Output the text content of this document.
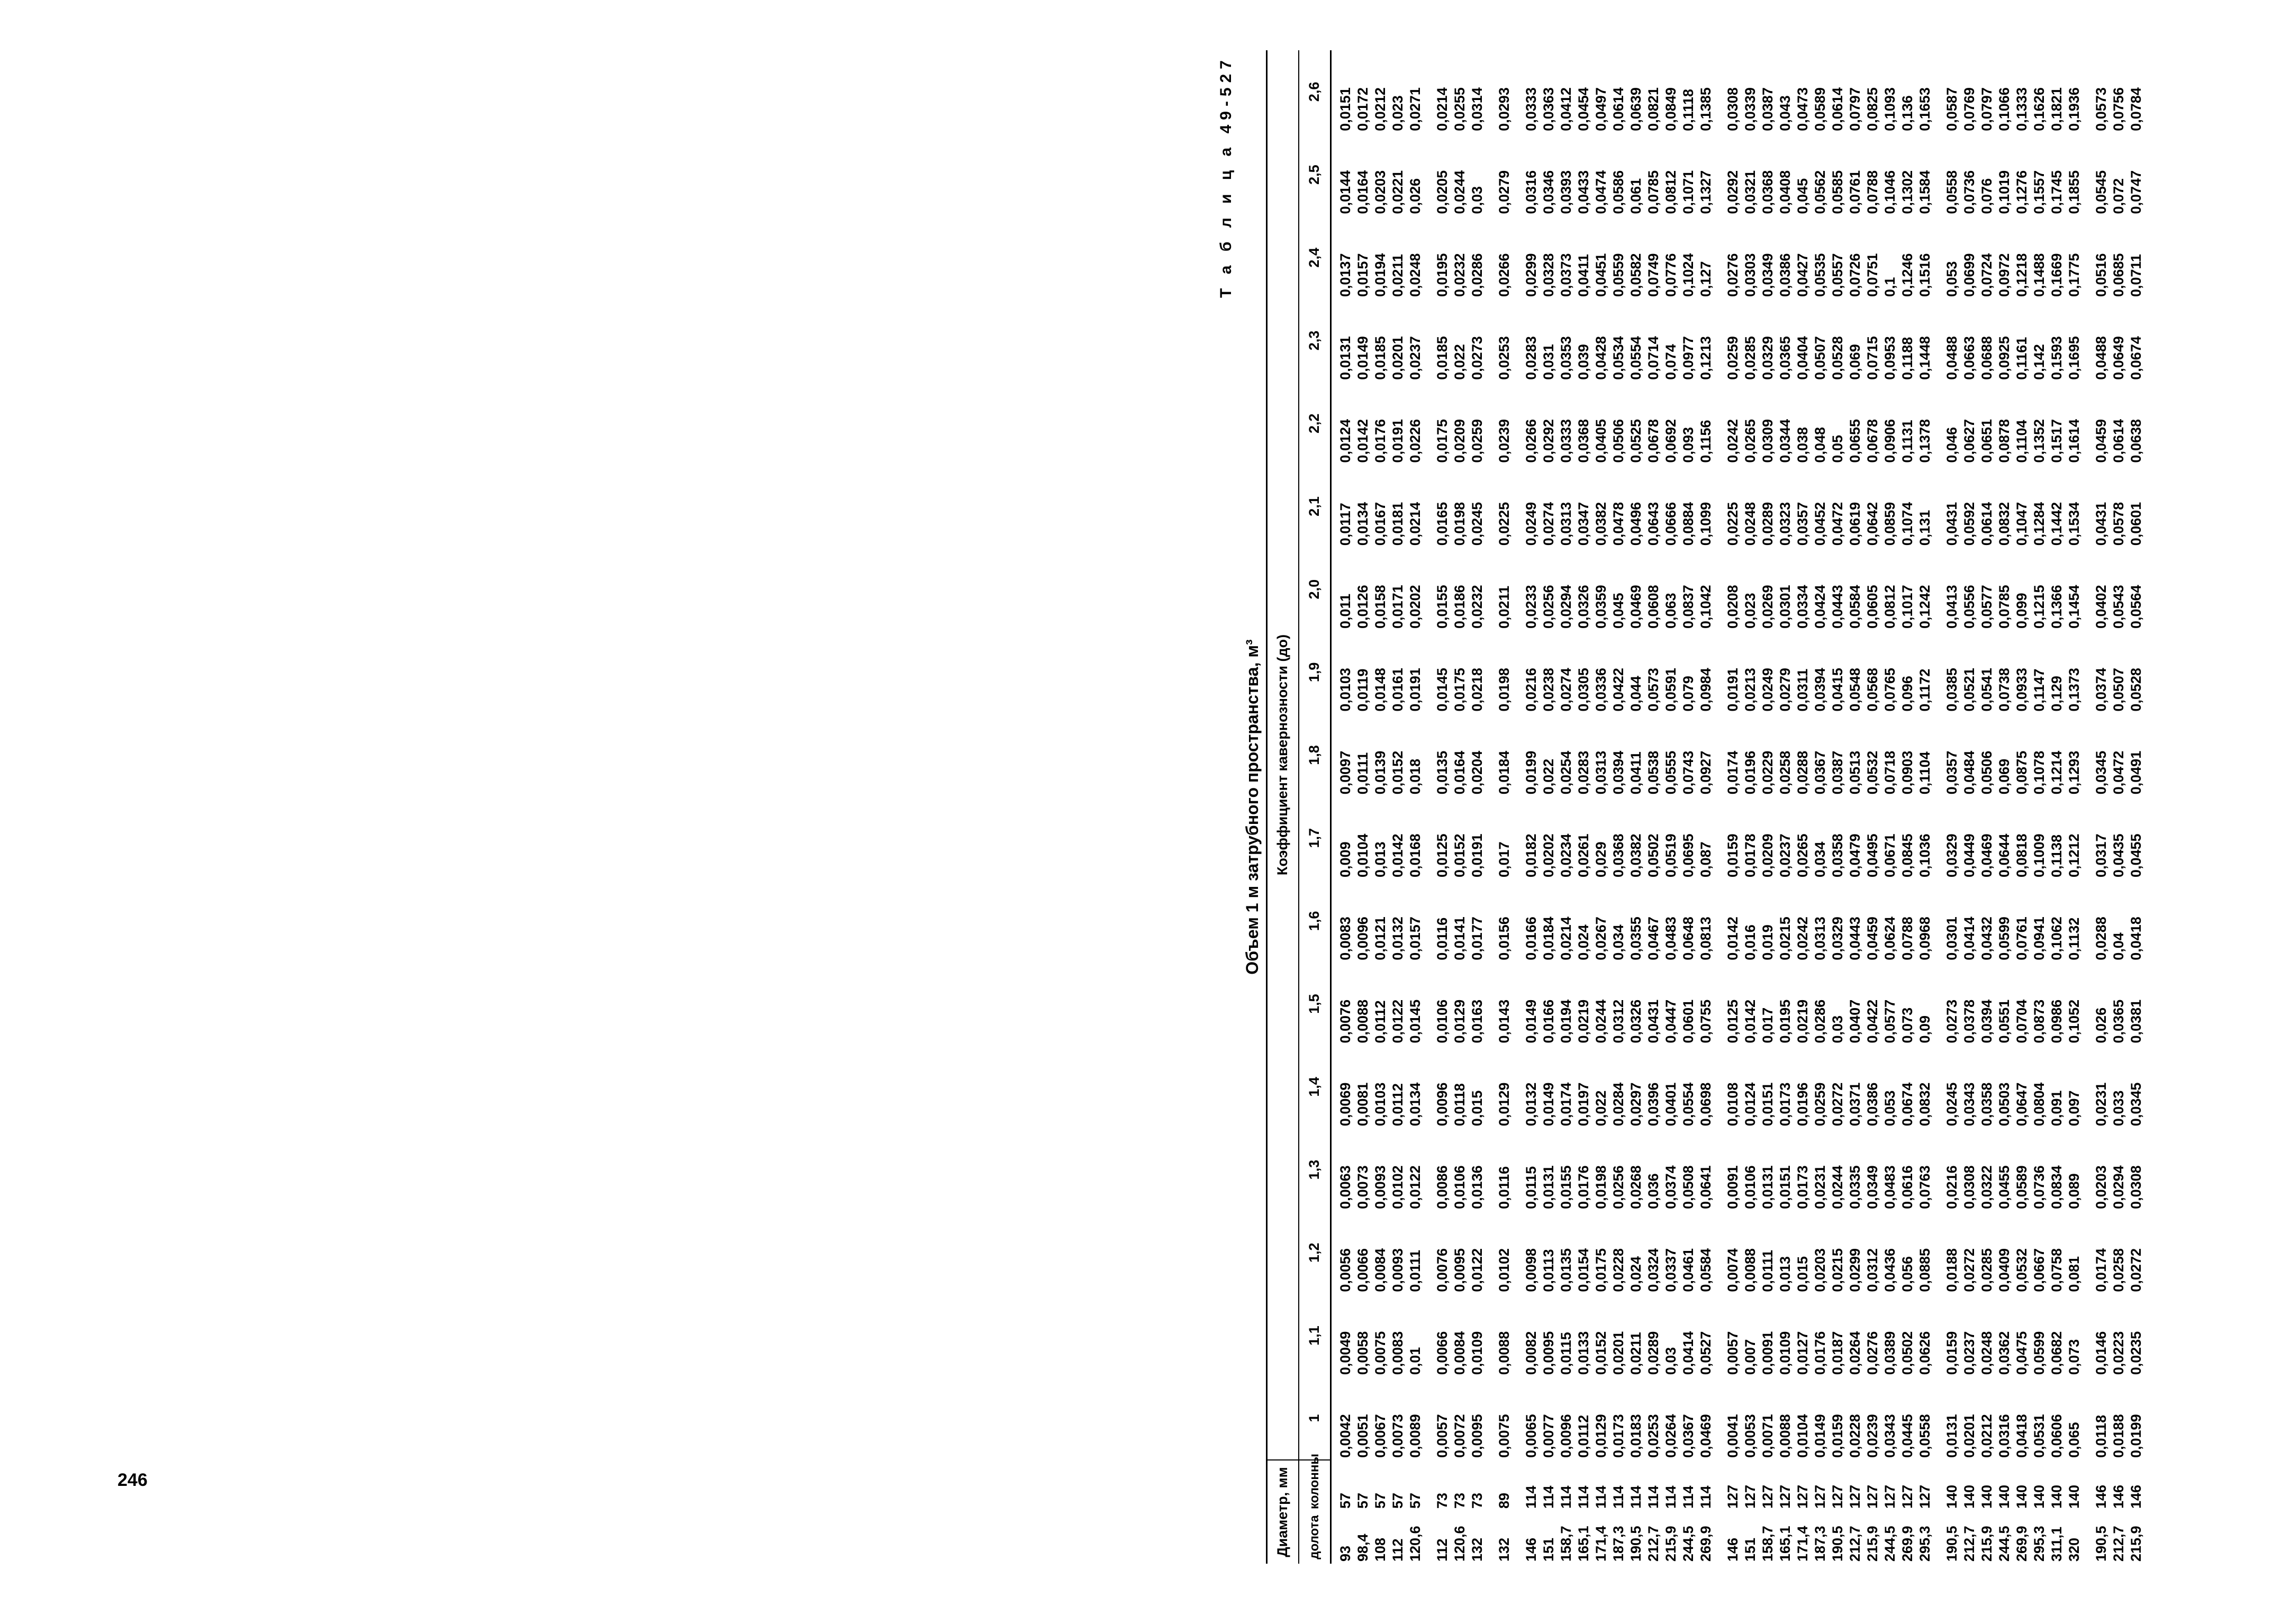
246
Т а б л и ц а 49-527
Объем 1 м затрубного пространства, м³
Диаметр, мм		Коэффициент кавернозности (до)																
долота	колонны	1	1,1	1,2	1,3	1,4	1,5	1,6	1,7	1,8	1,9	2,0	2,1	2,2	2,3	2,4	2,5	2,6
93	57	0,0042	0,0049	0,0056	0,0063	0,0069	0,0076	0,0083	0,009	0,0097	0,0103	0,011	0,0117	0,0124	0,0131	0,0137	0,0144	0,0151
98,4	57	0,0051	0,0058	0,0066	0,0073	0,0081	0,0088	0,0096	0,0104	0,0111	0,0119	0,0126	0,0134	0,0142	0,0149	0,0157	0,0164	0,0172
108	57	0,0067	0,0075	0,0084	0,0093	0,0103	0,0112	0,0121	0,013	0,0139	0,0148	0,0158	0,0167	0,0176	0,0185	0,0194	0,0203	0,0212
112	57	0,0073	0,0083	0,0093	0,0102	0,0112	0,0122	0,0132	0,0142	0,0152	0,0161	0,0171	0,0181	0,0191	0,0201	0,0211	0,0221	0,023
120,6	57	0,0089	0,01	0,0111	0,0122	0,0134	0,0145	0,0157	0,0168	0,018	0,0191	0,0202	0,0214	0,0226	0,0237	0,0248	0,026	0,0271

112	73	0,0057	0,0066	0,0076	0,0086	0,0096	0,0106	0,0116	0,0125	0,0135	0,0145	0,0155	0,0165	0,0175	0,0185	0,0195	0,0205	0,0214
120,6	73	0,0072	0,0084	0,0095	0,0106	0,0118	0,0129	0,0141	0,0152	0,0164	0,0175	0,0186	0,0198	0,0209	0,022	0,0232	0,0244	0,0255
132	73	0,0095	0,0109	0,0122	0,0136	0,015	0,0163	0,0177	0,0191	0,0204	0,0218	0,0232	0,0245	0,0259	0,0273	0,0286	0,03	0,0314

132	89	0,0075	0,0088	0,0102	0,0116	0,0129	0,0143	0,0156	0,017	0,0184	0,0198	0,0211	0,0225	0,0239	0,0253	0,0266	0,0279	0,0293

146	114	0,0065	0,0082	0,0098	0,0115	0,0132	0,0149	0,0166	0,0182	0,0199	0,0216	0,0233	0,0249	0,0266	0,0283	0,0299	0,0316	0,0333
151	114	0,0077	0,0095	0,0113	0,0131	0,0149	0,0166	0,0184	0,0202	0,022	0,0238	0,0256	0,0274	0,0292	0,031	0,0328	0,0346	0,0363
158,7	114	0,0096	0,0115	0,0135	0,0155	0,0174	0,0194	0,0214	0,0234	0,0254	0,0274	0,0294	0,0313	0,0333	0,0353	0,0373	0,0393	0,0412
165,1	114	0,0112	0,0133	0,0154	0,0176	0,0197	0,0219	0,024	0,0261	0,0283	0,0305	0,0326	0,0347	0,0368	0,039	0,0411	0,0433	0,0454
171,4	114	0,0129	0,0152	0,0175	0,0198	0,022	0,0244	0,0267	0,029	0,0313	0,0336	0,0359	0,0382	0,0405	0,0428	0,0451	0,0474	0,0497
187,3	114	0,0173	0,0201	0,0228	0,0256	0,0284	0,0312	0,034	0,0368	0,0394	0,0422	0,045	0,0478	0,0506	0,0534	0,0559	0,0586	0,0614
190,5	114	0,0183	0,0211	0,024	0,0268	0,0297	0,0326	0,0355	0,0382	0,0411	0,044	0,0469	0,0496	0,0525	0,0554	0,0582	0,061	0,0639
212,7	114	0,0253	0,0289	0,0324	0,036	0,0396	0,0431	0,0467	0,0502	0,0538	0,0573	0,0608	0,0643	0,0678	0,0714	0,0749	0,0785	0,0821
215,9	114	0,0264	0,03	0,0337	0,0374	0,0401	0,0447	0,0483	0,0519	0,0555	0,0591	0,063	0,0666	0,0692	0,074	0,0776	0,0812	0,0849
244,5	114	0,0367	0,0414	0,0461	0,0508	0,0554	0,0601	0,0648	0,0695	0,0743	0,079	0,0837	0,0884	0,093	0,0977	0,1024	0,1071	0,1118
269,9	114	0,0469	0,0527	0,0584	0,0641	0,0698	0,0755	0,0813	0,087	0,0927	0,0984	0,1042	0,1099	0,1156	0,1213	0,127	0,1327	0,1385

146	127	0,0041	0,0057	0,0074	0,0091	0,0108	0,0125	0,0142	0,0159	0,0174	0,0191	0,0208	0,0225	0,0242	0,0259	0,0276	0,0292	0,0308
151	127	0,0053	0,007	0,0088	0,0106	0,0124	0,0142	0,016	0,0178	0,0196	0,0213	0,023	0,0248	0,0265	0,0285	0,0303	0,0321	0,0339
158,7	127	0,0071	0,0091	0,0111	0,0131	0,0151	0,017	0,019	0,0209	0,0229	0,0249	0,0269	0,0289	0,0309	0,0329	0,0349	0,0368	0,0387
165,1	127	0,0088	0,0109	0,013	0,0151	0,0173	0,0195	0,0215	0,0237	0,0258	0,0279	0,0301	0,0323	0,0344	0,0365	0,0386	0,0408	0,043
171,4	127	0,0104	0,0127	0,015	0,0173	0,0196	0,0219	0,0242	0,0265	0,0288	0,0311	0,0334	0,0357	0,038	0,0404	0,0427	0,045	0,0473
187,3	127	0,0149	0,0176	0,0203	0,0231	0,0259	0,0286	0,0313	0,034	0,0367	0,0394	0,0424	0,0452	0,048	0,0507	0,0535	0,0562	0,0589
190,5	127	0,0159	0,0187	0,0215	0,0244	0,0272	0,03	0,0329	0,0358	0,0387	0,0415	0,0443	0,0472	0,05	0,0528	0,0557	0,0585	0,0614
212,7	127	0,0228	0,0264	0,0299	0,0335	0,0371	0,0407	0,0443	0,0479	0,0513	0,0548	0,0584	0,0619	0,0655	0,069	0,0726	0,0761	0,0797
215,9	127	0,0239	0,0276	0,0312	0,0349	0,0386	0,0422	0,0459	0,0495	0,0532	0,0568	0,0605	0,0642	0,0678	0,0715	0,0751	0,0788	0,0825
244,5	127	0,0343	0,0389	0,0436	0,0483	0,053	0,0577	0,0624	0,0671	0,0718	0,0765	0,0812	0,0859	0,0906	0,0953	0,1	0,1046	0,1093
269,9	127	0,0445	0,0502	0,056	0,0616	0,0674	0,073	0,0788	0,0845	0,0903	0,096	0,1017	0,1074	0,1131	0,1188	0,1246	0,1302	0,136
295,3	127	0,0558	0,0626	0,0885	0,0763	0,0832	0,09	0,0968	0,1036	0,1104	0,1172	0,1242	0,131	0,1378	0,1448	0,1516	0,1584	0,1653

190,5	140	0,0131	0,0159	0,0188	0,0216	0,0245	0,0273	0,0301	0,0329	0,0357	0,0385	0,0413	0,0431	0,046	0,0488	0,053	0,0558	0,0587
212,7	140	0,0201	0,0237	0,0272	0,0308	0,0343	0,0378	0,0414	0,0449	0,0484	0,0521	0,0556	0,0592	0,0627	0,0663	0,0699	0,0736	0,0769
215,9	140	0,0212	0,0248	0,0285	0,0322	0,0358	0,0394	0,0432	0,0469	0,0506	0,0541	0,0577	0,0614	0,0651	0,0688	0,0724	0,076	0,0797
244,5	140	0,0316	0,0362	0,0409	0,0455	0,0503	0,0551	0,0599	0,0644	0,069	0,0738	0,0785	0,0832	0,0878	0,0925	0,0972	0,1019	0,1066
269,9	140	0,0418	0,0475	0,0532	0,0589	0,0647	0,0704	0,0761	0,0818	0,0875	0,0933	0,099	0,1047	0,1104	0,1161	0,1218	0,1276	0,1333
295,3	140	0,0531	0,0599	0,0667	0,0736	0,0804	0,0873	0,0941	0,1009	0,1078	0,1147	0,1215	0,1284	0,1352	0,142	0,1488	0,1557	0,1626
311,1	140	0,0606	0,0682	0,0758	0,0834	0,091	0,0986	0,1062	0,1138	0,1214	0,129	0,1366	0,1442	0,1517	0,1593	0,1669	0,1745	0,1821
320	140	0,065	0,073	0,081	0,089	0,097	0,1052	0,1132	0,1212	0,1293	0,1373	0,1454	0,1534	0,1614	0,1695	0,1775	0,1855	0,1936

190,5	146	0,0118	0,0146	0,0174	0,0203	0,0231	0,026	0,0288	0,0317	0,0345	0,0374	0,0402	0,0431	0,0459	0,0488	0,0516	0,0545	0,0573
212,7	146	0,0188	0,0223	0,0258	0,0294	0,033	0,0365	0,04	0,0435	0,0472	0,0507	0,0543	0,0578	0,0614	0,0649	0,0685	0,072	0,0756
215,9	146	0,0199	0,0235	0,0272	0,0308	0,0345	0,0381	0,0418	0,0455	0,0491	0,0528	0,0564	0,0601	0,0638	0,0674	0,0711	0,0747	0,0784
